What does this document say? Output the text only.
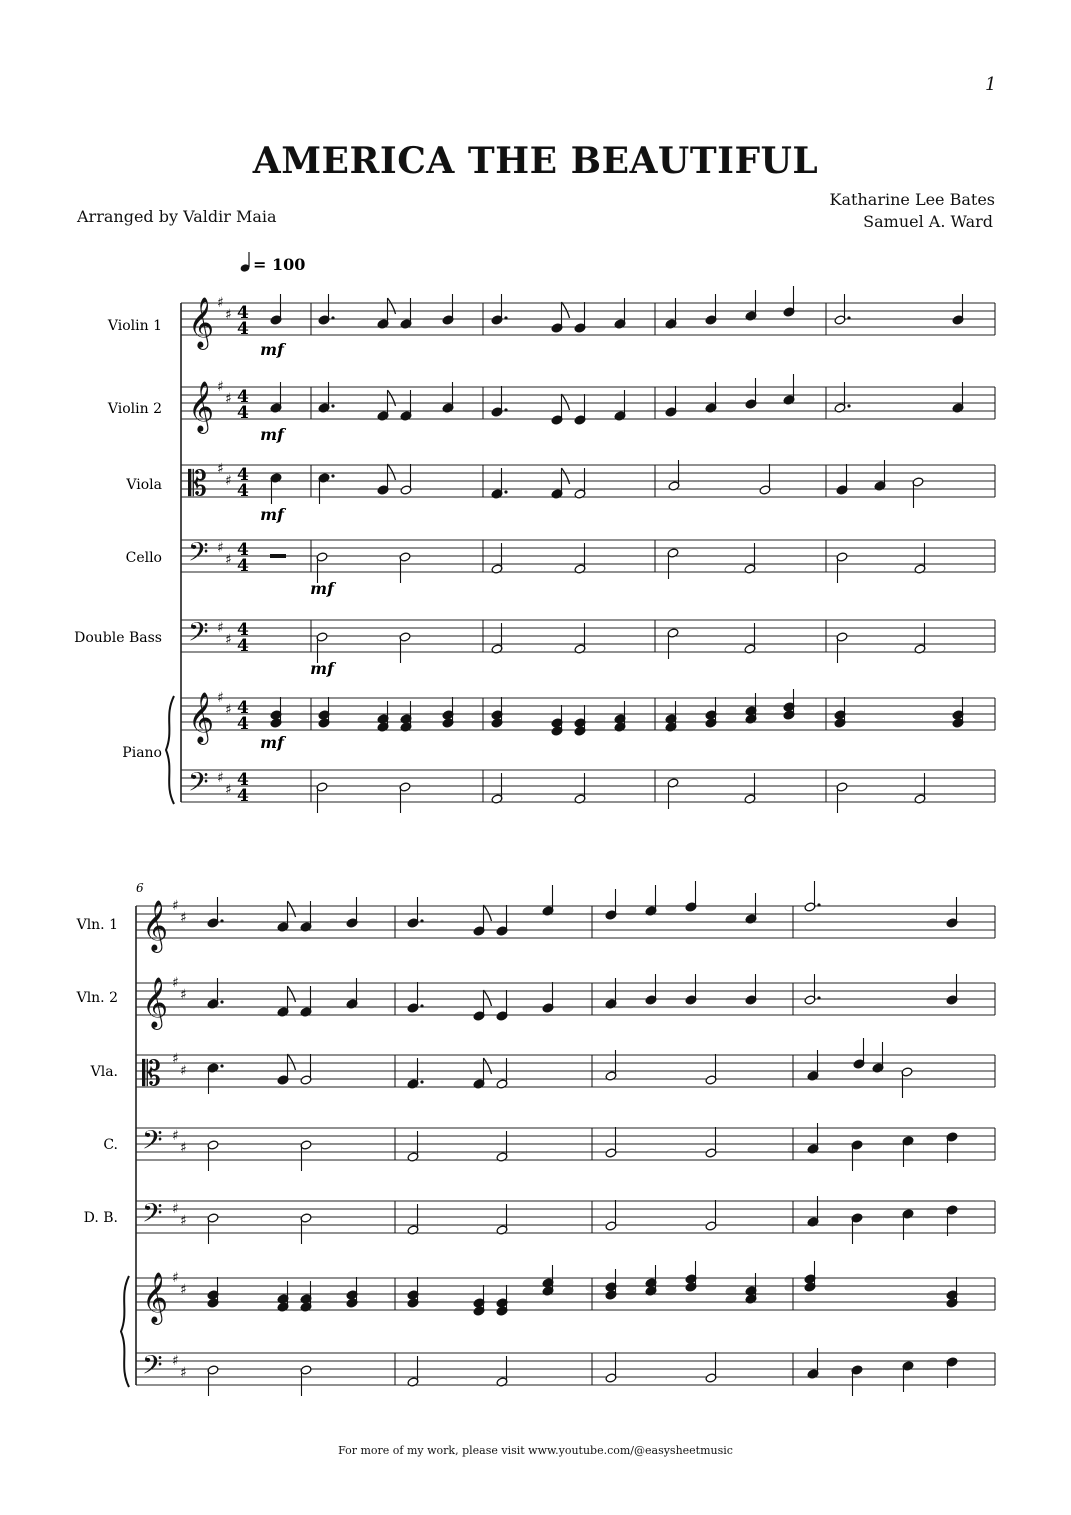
1
AMERICA THE BEAUTIFUL
Arranged by Valdir Maia
Katharine Lee Bates
Samuel A. Ward
= 100
Violin 1
Violin 2
Viola
Cello
Double Bass
Piano
𝄞 ♯
♯ 4
4
𝄞 ♯
♯ 4
4
𝄡 ♯
♯ 4
4
𝄢 ♯
♯ 4
4
𝄢 ♯
♯ 4
4
𝄞 ♯
♯ 4
4
𝄢 ♯
♯ 4
4
mf
mf
mf
mf
mf
mf
6
Vln. 1
Vln. 2
Vla.
C.
D. B.
𝄞 ♯
♯
𝄞 ♯
♯
𝄡 ♯
♯
𝄢 ♯
♯
𝄢 ♯
♯
𝄞 ♯
♯
𝄢 ♯
♯
For more of my work, please visit www.youtube.com/@easysheetmusic
